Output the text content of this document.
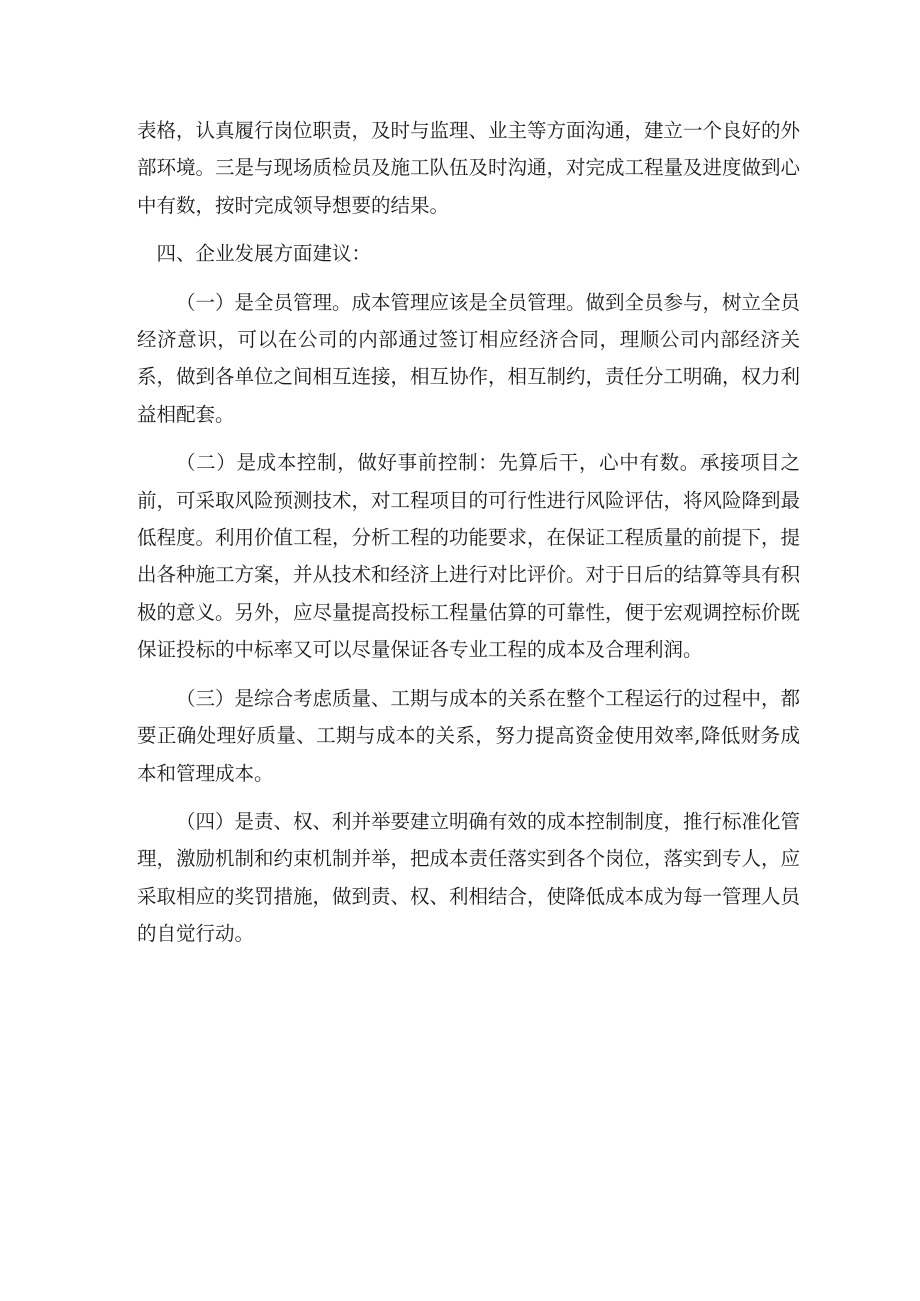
表格，认真履行岗位职责，及时与监理、业主等方面沟通，建立一个良好的外部环境。三是与现场质检员及施工队伍及时沟通，对完成工程量及进度做到心中有数，按时完成领导想要的结果。

四、企业发展方面建议：

（一）是全员管理。成本管理应该是全员管理。做到全员参与，树立全员经济意识，可以在公司的内部通过签订相应经济合同，理顺公司内部经济关系，做到各单位之间相互连接，相互协作，相互制约，责任分工明确，权力利益相配套。

（二）是成本控制，做好事前控制：先算后干，心中有数。承接项目之前，可采取风险预测技术，对工程项目的可行性进行风险评估，将风险降到最低程度。利用价值工程，分析工程的功能要求，在保证工程质量的前提下，提出各种施工方案，并从技术和经济上进行对比评价。对于日后的结算等具有积极的意义。另外，应尽量提高投标工程量估算的可靠性，便于宏观调控标价既保证投标的中标率又可以尽量保证各专业工程的成本及合理利润。

（三）是综合考虑质量、工期与成本的关系在整个工程运行的过程中，都要正确处理好质量、工期与成本的关系，努力提高资金使用效率,降低财务成本和管理成本。

（四）是责、权、利并举要建立明确有效的成本控制制度，推行标准化管理，激励机制和约束机制并举，把成本责任落实到各个岗位，落实到专人，应采取相应的奖罚措施，做到责、权、利相结合，使降低成本成为每一管理人员的自觉行动。
